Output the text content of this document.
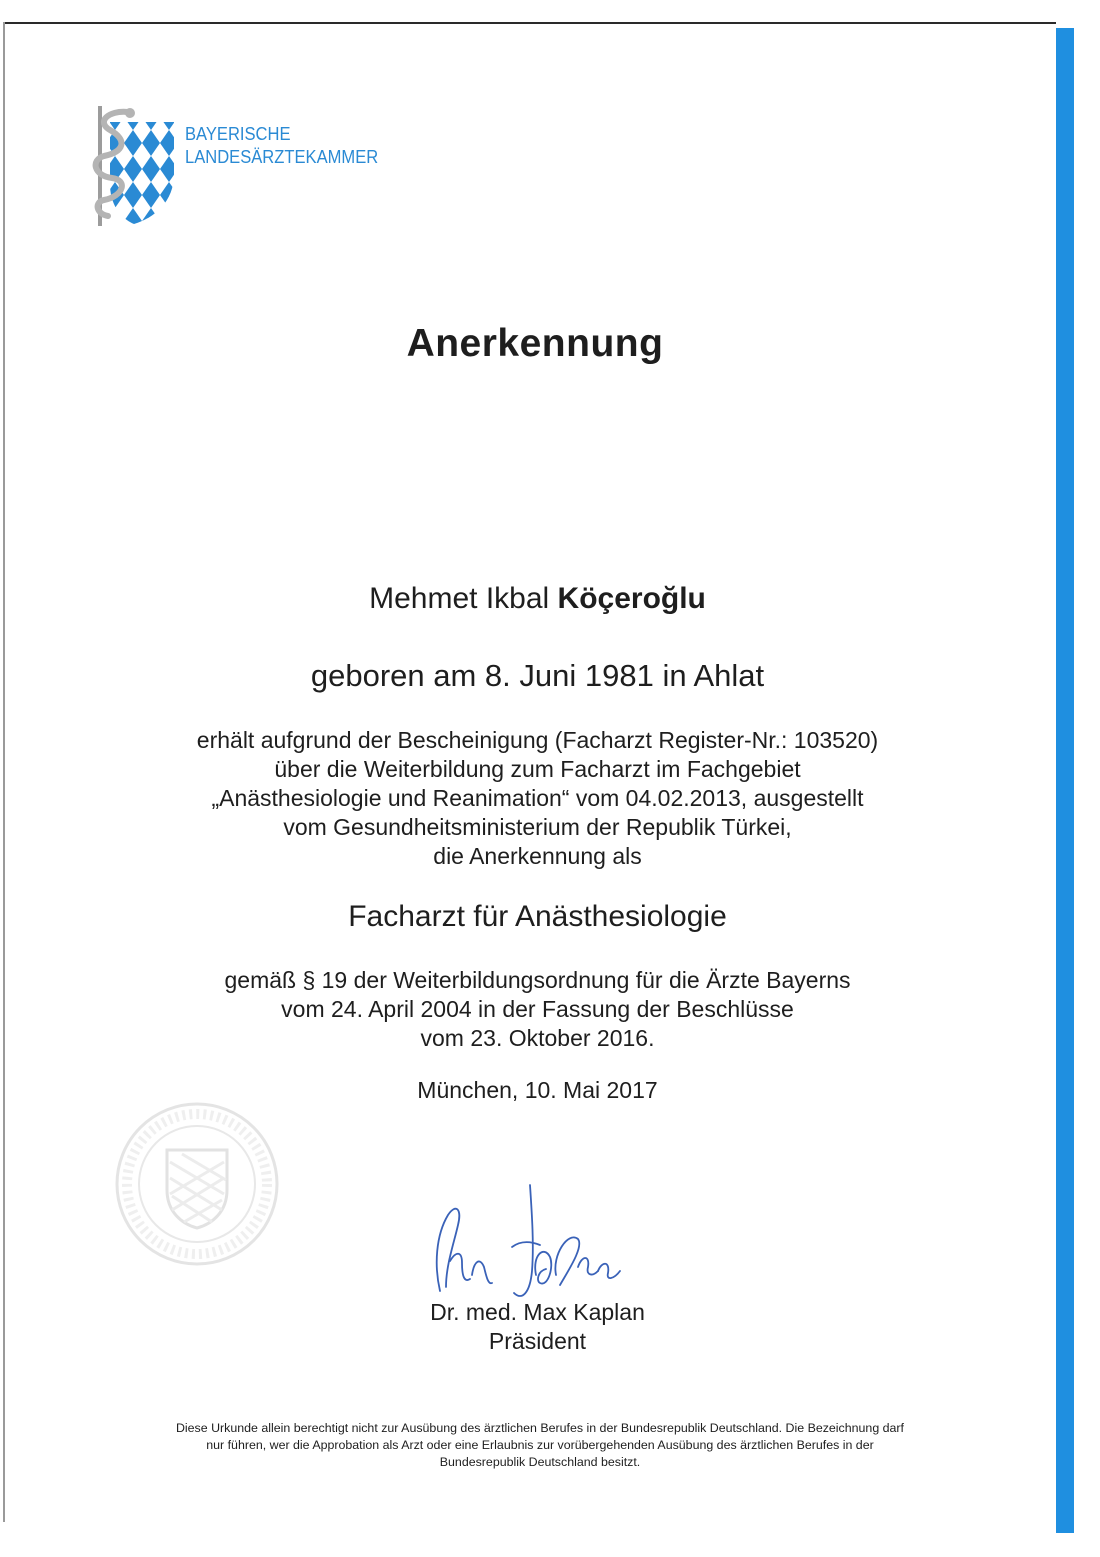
BAYERISCHE
LANDESÄRZTEKAMMER
Anerkennung
Mehmet Ikbal Köçeroğlu
geboren am 8. Juni 1981 in Ahlat
erhält aufgrund der Bescheinigung (Facharzt Register-Nr.: 103520)
über die Weiterbildung zum Facharzt im Fachgebiet
„Anästhesiologie und Reanimation“ vom 04.02.2013, ausgestellt
vom Gesundheitsministerium der Republik Türkei,
die Anerkennung als
Facharzt für Anästhesiologie
gemäß § 19 der Weiterbildungsordnung für die Ärzte Bayerns
vom 24. April 2004 in der Fassung der Beschlüsse
vom 23. Oktober 2016.
München, 10. Mai 2017
Dr. med. Max Kaplan
Präsident
Diese Urkunde allein berechtigt nicht zur Ausübung des ärztlichen Berufes in der Bundesrepublik Deutschland. Die Bezeichnung darf
nur führen, wer die Approbation als Arzt oder eine Erlaubnis zur vorübergehenden Ausübung des ärztlichen Berufes in der
Bundesrepublik Deutschland besitzt.
